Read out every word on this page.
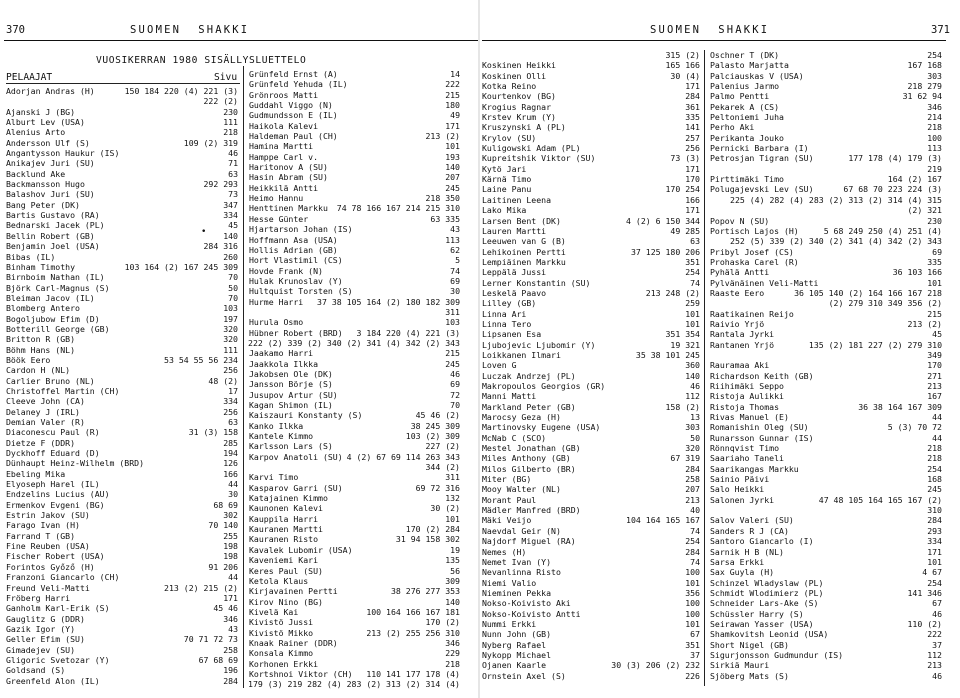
370	SUOMEN SHAKKI
VUOSIKERRAN 1980 SISÄLLYSLUETTELO
PELAAJAT	Sivu
Adorjan Andras (H)	150 184 220 (4) 221 (3)
222 (2)
Ajanski J (BG)	230
Alburt Lev (USA)	111
Alenius Arto	218
Andersson Ulf (S)	109 (2) 319
Angantysson Haukur (IS)	46
Anikajev Juri (SU)	71
Backlund Ake	63
Backmansson Hugo	292 293
Balashov Juri (SU)	73
Bang Peter (DK)	347
Bartis Gustavo (RA)	334
Bednarski Jacek (PL)	45
Bellin Robert (GB)	140
Benjamin Joel (USA)	284 316
Bibas (IL)	260
Binham Timothy	103 164 (2) 167 245 309
Birnboim Nathan (IL)	70
Björk Carl-Magnus (S)	50
Bleiman Jacov (IL)	70
Blomberg Antero	103
Bogoljubow Efim (D)	197
Botterill George (GB)	320
Britton R (GB)	320
Böhm Hans (NL)	111
Böök Eero	53 54 55 56 234
Cardon H (NL)	256
Carlier Bruno (NL)	48 (2)
Christoffel Martin (CH)	17
Cleeve John (CA)	334
Delaney J (IRL)	256
Demian Valer (R)	63
Diaconescu Paul (R)	31 (3) 158
Dietze F (DDR)	285
Dyckhoff Eduard (D)	194
Dünhaupt Heinz-Wilhelm (BRD)	126
Ebeling Mika	166
Elyoseph Harel (IL)	44
Endzelins Lucius (AU)	30
Ermenkov Evgeni (BG)	68 69
Estrin Jakov (SU)	302
Farago Ivan (H)	70 140
Farrand T (GB)	255
Fine Reuben (USA)	198
Fischer Robert (USA)	198
Forintos Győző (H)	91 206
Franzoni Giancarlo (CH)	44
Freund Veli-Matti	213 (2) 215 (2)
Fröberg Harri	171
Ganholm Karl-Erik (S)	45 46
Gauglitz G (DDR)	346
Gazik Igor (Y)	43
Geller Efim (SU)	70 71 72 73
Gimadejev (SU)	258
Gligoric Svetozar (Y)	67 68 69
Goldsand (S)	196
Greenfeld Alon (IL)	284
Grünfeld Ernst (A)	14
Grünfeld Yehuda (IL)	222
Grönroos Matti	215
Guddahl Viggo (N)	180
Gudmundsson E (IL)	49
Haikola Kalevi	171
Haldeman Paul (CH)	213 (2)
Hamina Martti	101
Hamppe Carl v.	193
Haritonov A (SU)	140
Hasin Abram (SU)	207
Heikkilä Antti	245
Heimo Hannu	218 350
Henttinen Markku 74 78 166 167 214 215 310
Hesse Günter	63 335
Hjartarson Johan (IS)	43
Hoffmann Asa (USA)	113
Hollis Adrian (GB)	62
Hort Vlastimil (CS)	5
Hovde Frank (N)	74
Hulak Krunoslav (Y)	69
Hultquist Torsten (S)	30
Hurme Harri 37 38 105 164 (2) 180 182 309
311
Hurula Osmo	103
Hübner Robert (BRD) 3 184 220 (4) 221 (3)
222 (2) 339 (2) 340 (2) 341 (4) 342 (2) 343
Jaakamo Harri	215
Jaakkola Ilkka	245
Jakobsen Ole (DK)	46
Jansson Börje (S)	69
Jusupov Artur (SU)	72
Kagan Shimon (IL)	70
Kaiszauri Konstanty (S)	45 46 (2)
Kanko Ilkka	38 245 309
Kantele Kimmo	103 (2) 309
Karlsson Lars (S)	227 (2)
Karpov Anatoli (SU) 4 (2) 67 69 114 263 343
344 (2)
Karvi Timo	311
Kasparov Garri (SU)	69 72 316
Katajainen Kimmo	132
Kaunonen Kalevi	30 (2)
Kauppila Harri	101
Kauranen Martti	170 (2) 284
Kauranen Risto	31 94 158 302
Kavalek Lubomir (USA)	19
Kaveniemi Kari	135
Keres Paul (SU)	56
Ketola Klaus	309
Kirjavainen Pertti	38 276 277 353
Kirov Nino (BG)	140
Kivelä Kai	100 164 166 167 181
Kivistö Jussi	170 (2)
Kivistö Mikko	213 (2) 255 256 310
Knaak Rainer (DDR)	346
Konsala Kimmo	229
Korhonen Erkki	218
Kortshnoi Viktor (CH) 110 141 177 178 (4)
179 (3) 219 282 (4) 283 (2) 313 (2) 314 (4)
•
SUOMEN SHAKKI	371
315 (2)
Koskinen Heikki	165 166
Koskinen Olli	30 (4)
Kotka Reino	171
Kourtenkov (BG)	284
Krogius Ragnar	361
Krstev Krum (Y)	335
Kruszynski A (PL)	141
Krylov (SU)	257
Kuligowski Adam (PL)	256
Kupreitshik Viktor (SU)	73 (3)
Kytö Jari	171
Kärnä Timo	170
Laine Panu	170 254
Laitinen Leena	166
Lako Mika	171
Larsen Bent (DK)	4 (2) 6 150 344
Lauren Martti	49 285
Leeuwen van G (B)	63
Lehikoinen Pertti	37 125 180 206
Lempiäinen Markku	351
Leppälä Jussi	254
Lerner Konstantin (SU)	74
Leskelä Paavo	213 248 (2)
Lilley (GB)	259
Linna Ari	101
Linna Tero	101
Lipsanen Esa	351 354
Ljubojevic Ljubomir (Y)	19 321
Loikkanen Ilmari	35 38 101 245
Loven G	360
Luczak Andrzej (PL)	140
Makropoulos Georgios (GR)	46
Manni Matti	112
Markland Peter (GB)	158 (2)
Marocsy Geza (H)	13
Martinovsky Eugene (USA)	303
McNab C (SCO)	50
Mestel Jonathan (GB)	320
Miles Anthony (GB)	67 319
Milos Gilberto (BR)	284
Miter (BG)	258
Mooy Walter (NL)	207
Morant Paul	213
Mädler Manfred (BRD)	40
Mäki Veijo	104 164 165 167
Naevdal Geir (N)	74
Najdorf Miguel (RA)	254
Nemes (H)	284
Nemet Ivan (Y)	74
Nevanlinna Risto	100
Niemi Valio	101
Nieminen Pekka	356
Nokso-Koivisto Aki	100
Nokso-Koivisto Antti	100
Nummi Erkki	101
Nunn John (GB)	67
Nyberg Rafael	351
Nykopp Michael	37
Ojanen Kaarle	30 (3) 206 (2) 232
Ornstein Axel (S)	226
Oschner T (DK)	254
Palasto Marjatta	167 168
Palciauskas V (USA)	303
Palenius Jarmo	218 279
Palmo Pentti	31 62 94
Pekarek A (CS)	346
Peltoniemi Juha	214
Perho Aki	218
Perikanta Jouko	100
Pernicki Barbara (I)	113
Petrosjan Tigran (SU)	177 178 (4) 179 (3)
219
Pirttimäki Timo	164 (2) 167
Polugajevski Lev (SU)	67 68 70 223 224 (3)
225 (4) 282 (4) 283 (2) 313 (2) 314 (4) 315
(2) 321
Popov N (SU)	230
Portisch Lajos (H)	5 68 249 250 (4) 251 (4)
252 (5) 339 (2) 340 (2) 341 (4) 342 (2) 343
Pribyl Josef (CS)	69
Prohaska Carel (R)	335
Pyhälä Antti	36 103 166
Pylvänäinen Veli-Matti	101
Raaste Eero	36 105 140 (2) 164 166 167 218
(2) 279 310 349 356 (2)
Raatikainen Reijo	215
Raivio Yrjö	213 (2)
Rantala Jyrki	45
Rantanen Yrjö	135 (2) 181 227 (2) 279 310
349
Rauramaa Aki	170
Richardson Keith (GB)	271
Riihimäki Seppo	213
Ristoja Aulikki	167
Ristoja Thomas	36 38 164 167 309
Rivas Manuel (E)	44
Romanishin Oleg (SU)	5 (3) 70 72
Runarsson Gunnar (IS)	44
Rönnqvist Timo	218
Saariaho Taneli	218
Saarikangas Markku	254
Sainio Päivi	168
Salo Heikki	245
Salonen Jyrki	47 48 105 164 165 167 (2)
310
Salov Valeri (SU)	284
Sanders R J (CA)	293
Santoro Giancarlo (I)	334
Sarnik H B (NL)	171
Sarsa Erkki	101
Sax Guyla (H)	4 67
Schinzel Wladyslaw (PL)	254
Schmidt Wlodimierz (PL)	141 346
Schneider Lars-Ake (S)	67
Schüssler Harry (S)	46
Seirawan Yasser (USA)	110 (2)
Shamkovitsh Leonid (USA)	222
Short Nigel (GB)	37
Sigurjonsson Gudmundur (IS)	112
Sirkiä Mauri	213
Sjöberg Mats (S)	46
